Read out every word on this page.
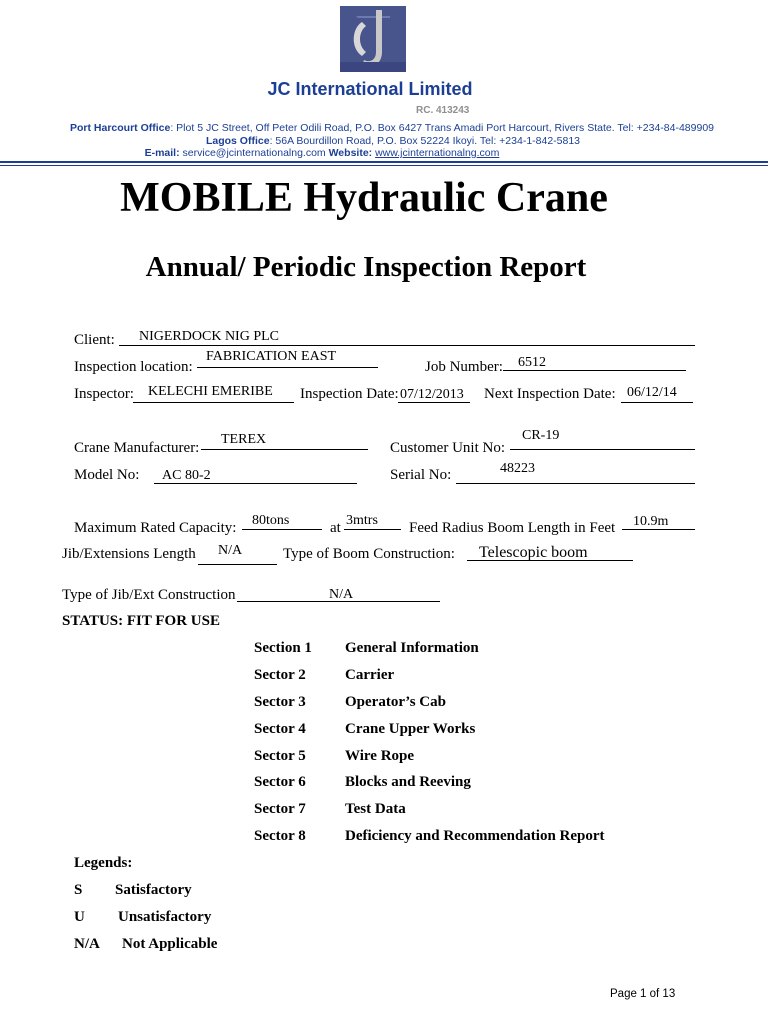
JC International Limited
RC. 413243
Port Harcourt Office: Plot 5 JC Street, Off Peter Odili Road, P.O. Box 6427 Trans Amadi Port Harcourt, Rivers State. Tel: +234-84-489909
Lagos Office: 56A Bourdillon Road, P.O. Box 52224 Ikoyi. Tel: +234-1-842-5813
E-mail: service@jcinternationalng.com Website: www.jcinternationalng.com
MOBILE Hydraulic Crane
Annual/ Periodic Inspection Report
Client: NIGERDOCK NIG PLC
Inspection location:
FABRICATION EAST
Job Number: 6512
Inspector: KELECHI EMERIBE Inspection Date: 07/12/2013 Next Inspection Date: 06/12/14
Crane Manufacturer:
TEREX
Customer Unit No:
CR-19
Model No: AC 80-2	Serial No:	48223
Maximum Rated Capacity: 80tons	at 3mtrs Feed Radius Boom Length in Feet 10.9m
Jib/Extensions Length N/A	Type of Boom Construction: Telescopic boom
Type of Jib/Ext Construction	N/A
STATUS: FIT FOR USE
Section 1 General Information
Sector 2	Carrier
Sector 3	Operator’s Cab
Sector 4	Crane Upper Works
Sector 5	Wire Rope
Sector 6	Blocks and Reeving
Sector 7	Test Data
Sector 8	Deficiency and Recommendation Report
Legends:
S Satisfactory
U Unsatisfactory
N/A Not Applicable
Page 1 of 13
